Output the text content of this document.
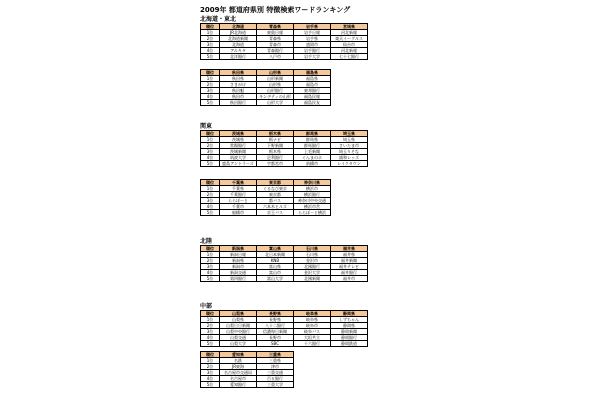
2009年 都道府県別 特徴検索ワードランキング
北海道・東北
順位	北海道	青森県	岩手県	宮城県
1位	JR北海道	東奥日報	岩手日報	河北新報
2位	北海道新聞	青森県	岩手県	楽天イーグルス
3位	北海道	青森市	盛岡市	仙台市
4位	アルキタ	青森銀行	岩手銀行	河北新報
5位	北洋銀行	八戸市	岩手大学	七十七銀行
順位	秋田県	山形県	福島県
1位	秋田県	山形新聞	福島県
2位	さきがけ	山形県	福島市
3位	秋田魁	山形銀行	東邦銀行
4位	秋田市	キンデティの山形	福島民報
5位	秋田銀行	山形大学	福島民友
関東
順位	茨城県	栃木県	群馬県	埼玉県
1位	茨城県	栃ナビ	群馬県	埼玉県
2位	常陽銀行	下野新聞	群馬銀行	さいたま市
3位	茨城新聞	栃木県	上毛新聞	埼玉りそな
4位	筑波大学	足利銀行	ぐんまのホ	浦和レッズ
5位	鹿島アントラーズ	宇都宮市	前橋市	レイクタウン
順位	千葉県	東京都	神奈川県
1位	千葉県	ぐるなび東京	横浜市
2位	千葉銀行	東京都	横浜銀行
3位	ららぽーと	都バス	神奈川中央交通
4位	千葉市	六本木ヒルズ	横浜市営
5位	船橋市	京王バス	ららぽーと横浜
北陸
順位	新潟県	富山県	石川県	福井県
1位	新潟日報	北日本新聞	石川県	福井県
2位	新潟県	KNB	金沢市	福井新聞
3位	新潟市	富山県	北國銀行	福井テレビ
4位	新潟交通	富山市	金沢大学	福井銀行
5位	第四銀行	富山大学	北國新聞	福井市
中部
順位	山梨県	長野県	岐阜県	静岡県
1位	山梨県	長野県	岐阜県	しずちゃん
2位	山梨日日新聞	八十二銀行	岐阜市	静岡県
3位	山梨中央銀行	信濃毎日新聞	岐阜バス	静岡新聞
4位	山梨交通	長野市	大垣共立	静岡銀行
5位	山梨大学	SBC	十六銀行	静岡鉄道
順位	愛知県	三重県
1位	名鉄	三重県
2位	JR東海	津市
3位	名古屋市交通局	三重交通
4位	名古屋市	百五銀行
5位	愛知銀行	三重大学
